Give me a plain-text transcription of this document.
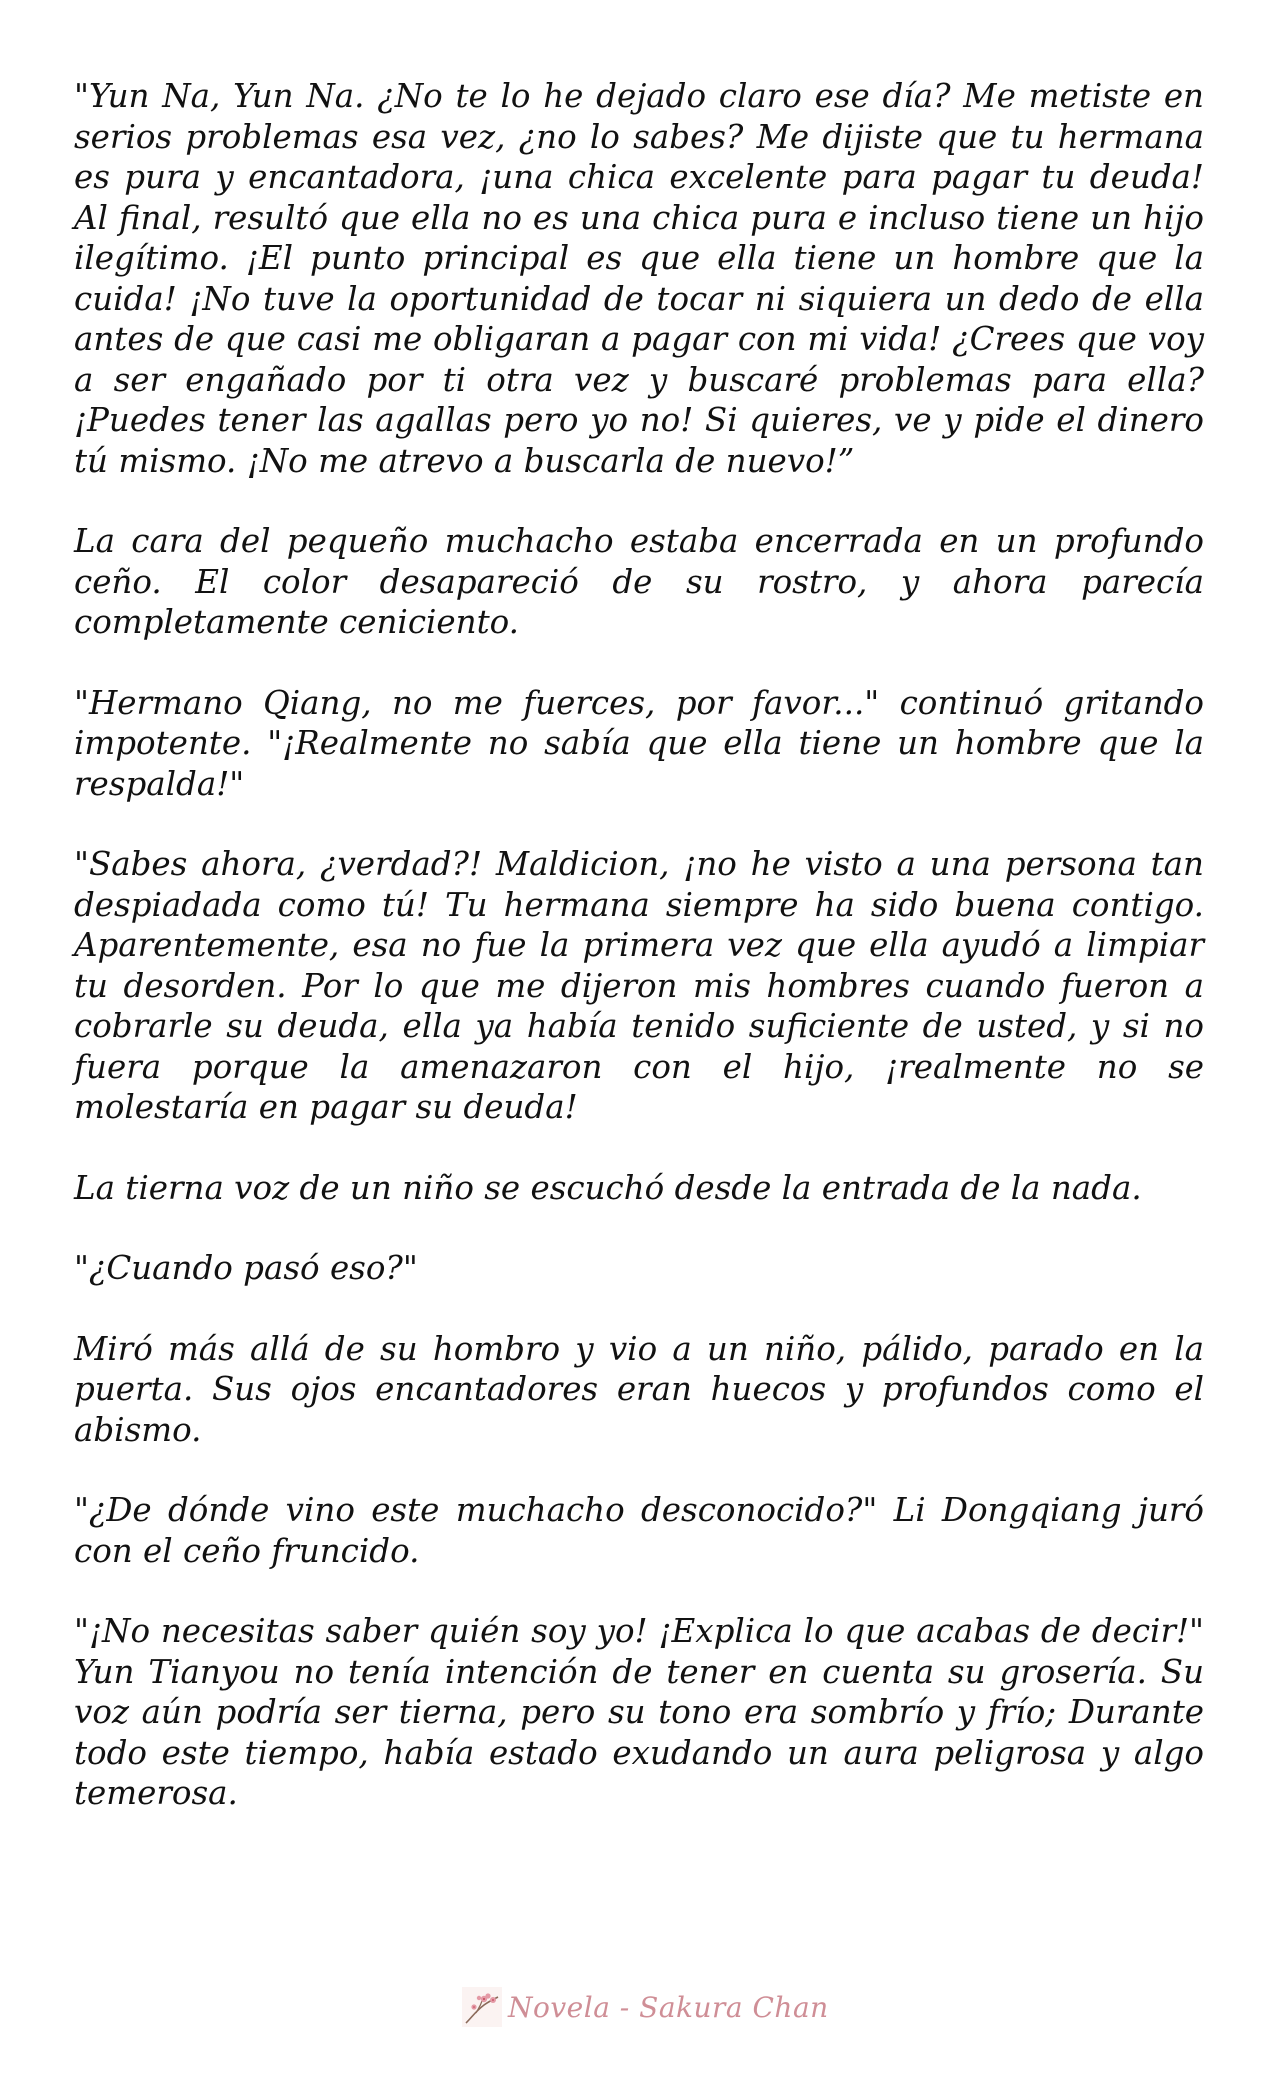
"Yun Na, Yun Na. ¿No te lo he dejado claro ese día? Me metiste en serios problemas esa vez, ¿no lo sabes? Me dijiste que tu hermana es pura y encantadora, ¡una chica excelente para pagar tu deuda! Al final, resultó que ella no es una chica pura e incluso tiene un hijo ilegítimo. ¡El punto principal es que ella tiene un hombre que la cuida! ¡No tuve la oportunidad de tocar ni siquiera un dedo de ella antes de que casi me obligaran a pagar con mi vida! ¿Crees que voy a ser engañado por ti otra vez y buscaré problemas para ella? ¡Puedes tener las agallas pero yo no! Si quieres, ve y pide el dinero tú mismo. ¡No me atrevo a buscarla de nuevo!”

La cara del pequeño muchacho estaba encerrada en un profundo ceño. El color desapareció de su rostro, y ahora parecía completamente ceniciento.

"Hermano Qiang, no me fuerces, por favor..." continuó gritando impotente. "¡Realmente no sabía que ella tiene un hombre que la respalda!"

"Sabes ahora, ¿verdad?! Maldicion, ¡no he visto a una persona tan despiadada como tú! Tu hermana siempre ha sido buena contigo. Aparentemente, esa no fue la primera vez que ella ayudó a limpiar tu desorden. Por lo que me dijeron mis hombres cuando fueron a cobrarle su deuda, ella ya había tenido suficiente de usted, y si no fuera porque la amenazaron con el hijo, ¡realmente no se molestaría en pagar su deuda!

La tierna voz de un niño se escuchó desde la entrada de la nada.

"¿Cuando pasó eso?"

Miró más allá de su hombro y vio a un niño, pálido, parado en la puerta. Sus ojos encantadores eran huecos y profundos como el abismo.

"¿De dónde vino este muchacho desconocido?" Li Dongqiang juró con el ceño fruncido.

"¡No necesitas saber quién soy yo! ¡Explica lo que acabas de decir!" Yun Tianyou no tenía intención de tener en cuenta su grosería. Su voz aún podría ser tierna, pero su tono era sombrío y frío; Durante todo este tiempo, había estado exudando un aura peligrosa y algo temerosa.

Novela - Sakura Chan
